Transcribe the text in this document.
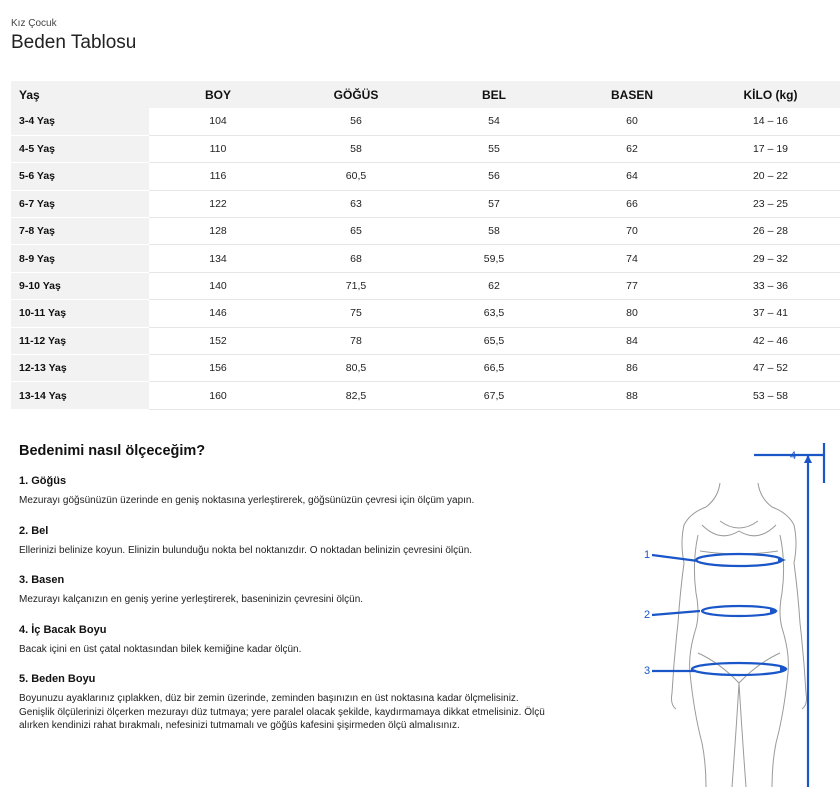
Kız Çocuk
Beden Tablosu
Yaş	BOY	GÖĞÜS	BEL	BASEN	KİLO (kg)
3-4 Yaş	104	56	54	60	14 – 16
4-5 Yaş	110	58	55	62	17 – 19
5-6 Yaş	116	60,5	56	64	20 – 22
6-7 Yaş	122	63	57	66	23 – 25
7-8 Yaş	128	65	58	70	26 – 28
8-9 Yaş	134	68	59,5	74	29 – 32
9-10 Yaş	140	71,5	62	77	33 – 36
10-11 Yaş	146	75	63,5	80	37 – 41
11-12 Yaş	152	78	65,5	84	42 – 46
12-13 Yaş	156	80,5	66,5	86	47 – 52
13-14 Yaş	160	82,5	67,5	88	53 – 58
Bedenimi nasıl ölçeceğim?
1. Göğüs
Mezurayı göğsünüzün üzerinde en geniş noktasına yerleştirerek, göğsünüzün çevresi için ölçüm yapın.
2. Bel
Ellerinizi belinize koyun. Elinizin bulunduğu nokta bel noktanızdır. O noktadan belinizin çevresini ölçün.
3. Basen
Mezurayı kalçanızın en geniş yerine yerleştirerek, baseninizin çevresini ölçün.
4. İç Bacak Boyu
Bacak içini en üst çatal noktasından bilek kemiğine kadar ölçün.
5. Beden Boyu
Boyunuzu ayaklarınız çıplakken, düz bir zemin üzerinde, zeminden başınızın en üst noktasına kadar ölçmelisiniz. Genişlik ölçülerinizi ölçerken mezurayı düz tutmaya; yere paralel olacak şekilde, kaydırmamaya dikkat etmelisiniz. Ölçü alırken kendinizi rahat bırakmalı, nefesinizi tutmamalı ve göğüs kafesini şişirmeden ölçü almalısınız.
1
2
3
4
